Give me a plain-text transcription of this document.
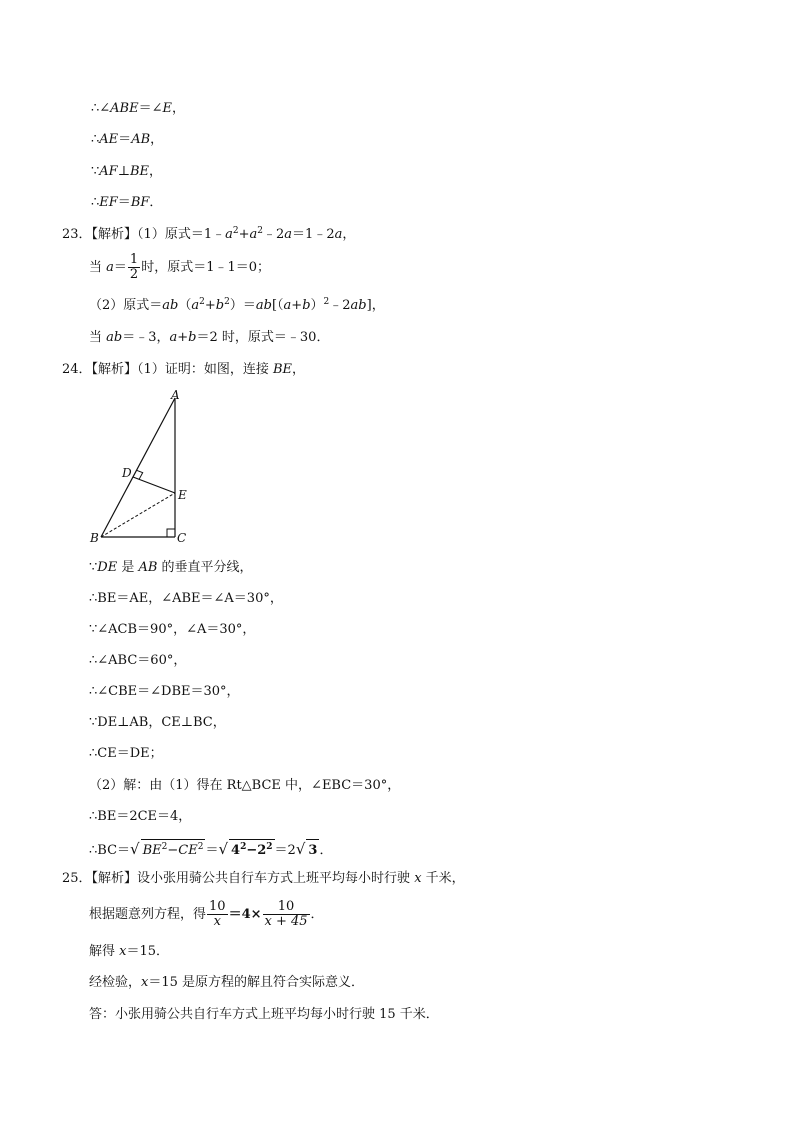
∴∠ABE＝∠E，
∴AE＝AB，
∵AF⊥BE，
∴EF＝BF．
23．【解析】（1）原式$=1﹣a^2+a^2﹣2a=1﹣2a$，
当 $a= \frac{1}{2}$ 时，原式＝1﹣1＝0；
（2）原式$=ab(a^2+b^2)=ab[(a+b)^2﹣2ab]$，
当 ab＝﹣3，a+b＝2 时，原式＝﹣30．
24．【解析】（1）证明：如图，连接 BE，
A
B	C
D
E
∵DE 是 AB 的垂直平分线，
∴BE＝AE，∠ABE＝∠A＝30°，
∵∠ACB＝90°，∠A＝30°，
∴∠ABC＝60°，
∴∠CBE＝∠DBE＝30°，
∵DE⊥AB，CE⊥BC，
∴CE＝DE；
（2）解：由（1）得在 Rt△BCE 中，∠EBC＝30°，
∴BE＝2CE＝4，
∴BC＝√ $BE^2-CE^2$ ＝√ $4^2-2^2 =2√$ 3 ．
25．【解析】设小张用骑公共自行车方式上班平均每小时行驶 x 千米，
根据题意列方程，得 $\frac{10}{x} =4\times \frac{10}{x + 45}$ ．
解得 x＝15．
经检验，x＝15 是原方程的解且符合实际意义．
答：小张用骑公共自行车方式上班平均每小时行驶 15 千米．
